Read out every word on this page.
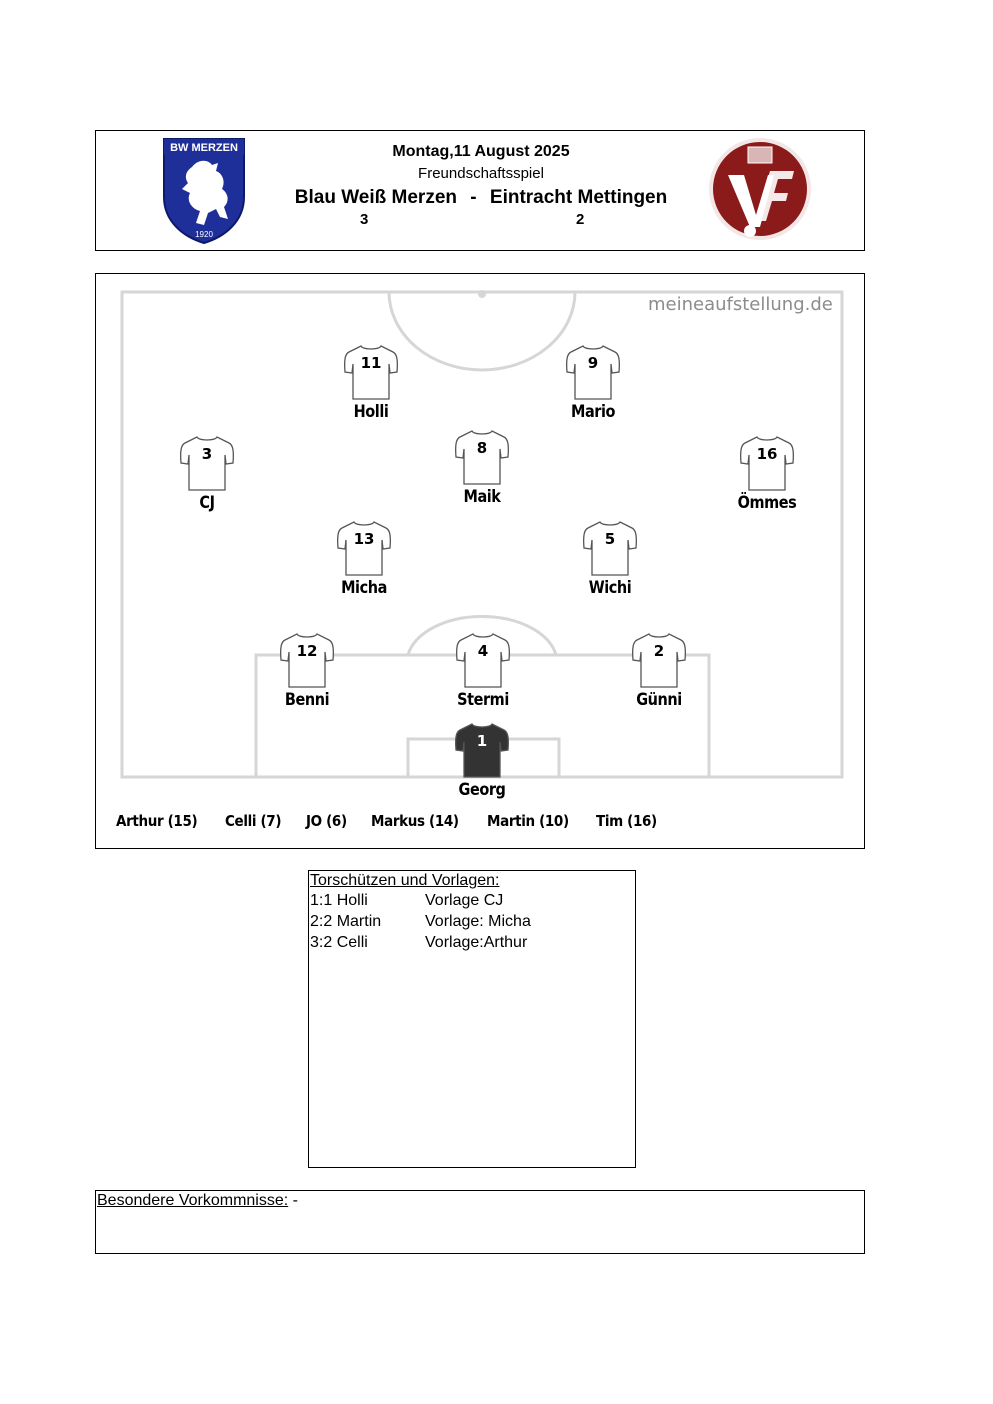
BW MERZEN
1920
Montag,11 August 2025
Freundschaftsspiel
Blau Weiß Merzen - Eintracht Mettingen
3	2
meineaufstellung.de
11
Holli
9
Mario
3
CJ
8
Maik
16
Ömmes
13
Micha
5
Wichi
12
Benni
4
Stermi
2
Günni
1
Georg
Arthur (15) Celli (7) JO (6) Markus (14) Martin (10) Tim (16)
Torschützen und Vorlagen:
1:1 Holli	Vorlage CJ
2:2 Martin	Vorlage: Micha
3:2 Celli	Vorlage:Arthur
Besondere Vorkommnisse: -
